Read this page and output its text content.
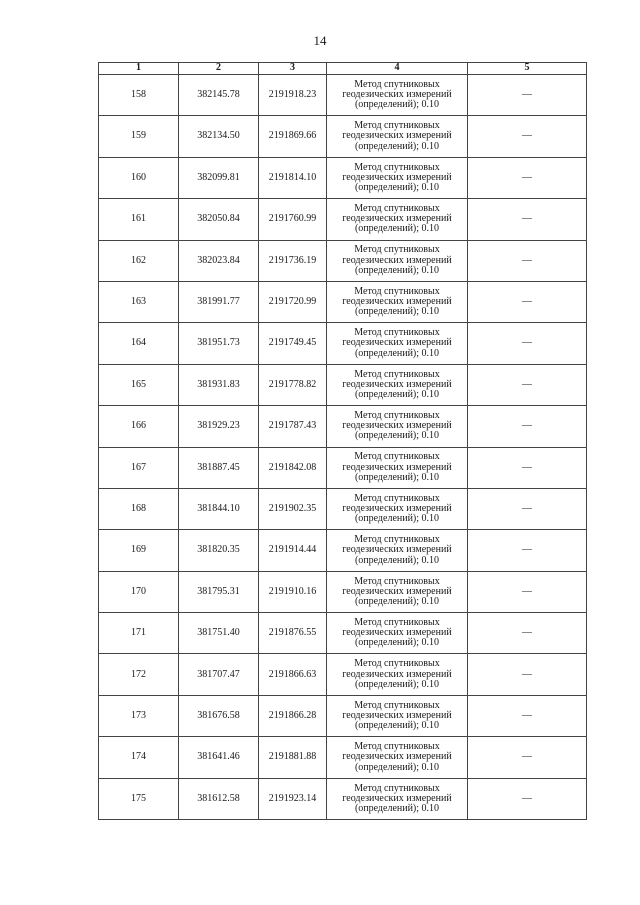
14
1	2	3	4	5
158	382145.78	2191918.23	Метод спутниковых
геодезических измерений
(определений); 0.10	—
159	382134.50	2191869.66	Метод спутниковых
геодезических измерений
(определений); 0.10	—
160	382099.81	2191814.10	Метод спутниковых
геодезических измерений
(определений); 0.10	—
161	382050.84	2191760.99	Метод спутниковых
геодезических измерений
(определений); 0.10	—
162	382023.84	2191736.19	Метод спутниковых
геодезических измерений
(определений); 0.10	—
163	381991.77	2191720.99	Метод спутниковых
геодезических измерений
(определений); 0.10	—
164	381951.73	2191749.45	Метод спутниковых
геодезических измерений
(определений); 0.10	—
165	381931.83	2191778.82	Метод спутниковых
геодезических измерений
(определений); 0.10	—
166	381929.23	2191787.43	Метод спутниковых
геодезических измерений
(определений); 0.10	—
167	381887.45	2191842.08	Метод спутниковых
геодезических измерений
(определений); 0.10	—
168	381844.10	2191902.35	Метод спутниковых
геодезических измерений
(определений); 0.10	—
169	381820.35	2191914.44	Метод спутниковых
геодезических измерений
(определений); 0.10	—
170	381795.31	2191910.16	Метод спутниковых
геодезических измерений
(определений); 0.10	—
171	381751.40	2191876.55	Метод спутниковых
геодезических измерений
(определений); 0.10	—
172	381707.47	2191866.63	Метод спутниковых
геодезических измерений
(определений); 0.10	—
173	381676.58	2191866.28	Метод спутниковых
геодезических измерений
(определений); 0.10	—
174	381641.46	2191881.88	Метод спутниковых
геодезических измерений
(определений); 0.10	—
175	381612.58	2191923.14	Метод спутниковых
геодезических измерений
(определений); 0.10	—
